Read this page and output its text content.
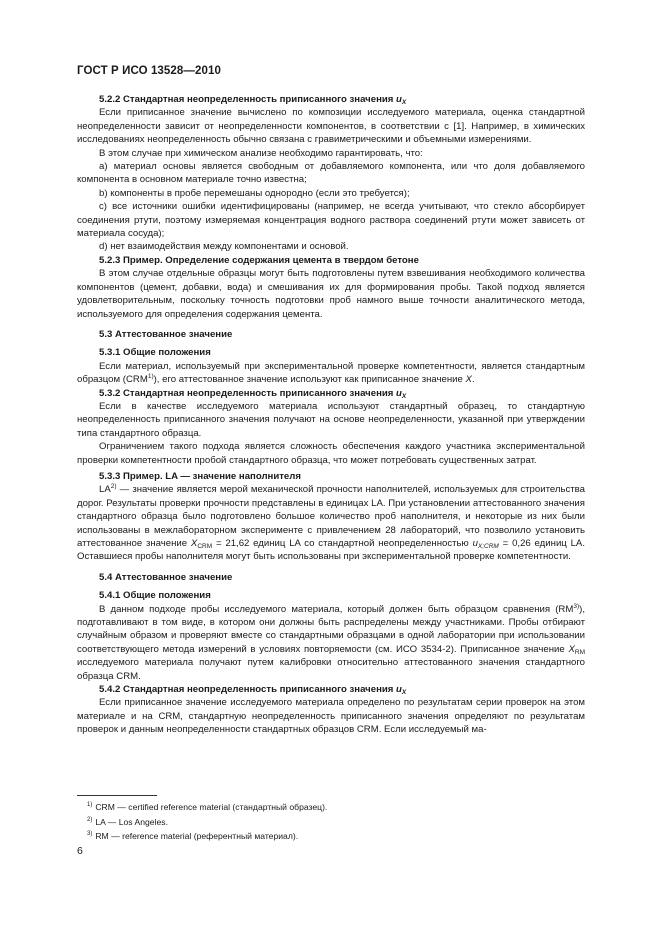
ГОСТ Р ИСО 13528—2010

5.2.2 Стандартная неопределенность приписанного значения $u_X$

Если приписанное значение вычислено по композиции исследуемого материала, оценка стандартной неопределенности зависит от неопределенности компонентов, в соответствии с [1]. Например, в химических исследованиях неопределенность обычно связана с гравиметрическими и объемными измерениями.

В этом случае при химическом анализе необходимо гарантировать, что:

a) материал основы является свободным от добавляемого компонента, или что доля добавляемого компонента в основном материале точно известна;

b) компоненты в пробе перемешаны однородно (если это требуется);

c) все источники ошибки идентифицированы (например, не всегда учитывают, что стекло абсорбирует соединения ртути, поэтому измеряемая концентрация водного раствора соединений ртути может зависеть от материала сосуда);

d) нет взаимодействия между компонентами и основой.

5.2.3 Пример. Определение содержания цемента в твердом бетоне

В этом случае отдельные образцы могут быть подготовлены путем взвешивания необходимого количества компонентов (цемент, добавки, вода) и смешивания их для формирования пробы. Такой подход является удовлетворительным, поскольку точность подготовки проб намного выше точности аналитического метода, используемого для определения содержания цемента.

5.3 Аттестованное значение

5.3.1 Общие положения

Если материал, используемый при экспериментальной проверке компетентности, является стандартным образцом (CRM$^{1)}$), его аттестованное значение используют как приписанное значение X.

5.3.2 Стандартная неопределенность приписанного значения $u_X$

Если в качестве исследуемого материала используют стандартный образец, то стандартную неопределенность приписанного значения получают на основе неопределенности, указанной при утверждении типа стандартного образца.

Ограничением такого подхода является сложность обеспечения каждого участника экспериментальной проверки компетентности пробой стандартного образца, что может потребовать существенных затрат.

5.3.3 Пример. LA — значение наполнителя

LA$^{2)}$ — значение является мерой механической прочности наполнителей, используемых для строительства дорог. Результаты проверки прочности представлены в единицах LA. При установлении аттестованного значения стандартного образца было подготовлено большое количество проб наполнителя, и некоторые из них были использованы в межлабораторном эксперименте с привлечением 28 лабораторий, что позволило установить аттестованное значение $X_{CRM} = 21,62$ единиц LA со стандартной неопределенностью $u_{X;CRM} = 0,26$ единиц LA. Оставшиеся пробы наполнителя могут быть использованы при экспериментальной проверке компетентности.

5.4 Аттестованное значение

5.4.1 Общие положения

В данном подходе пробы исследуемого материала, который должен быть образцом сравнения (RM$^{3)}$), подготавливают в том виде, в котором они должны быть распределены между участниками. Пробы отбирают случайным образом и проверяют вместе со стандартными образцами в одной лаборатории при использовании соответствующего метода измерений в условиях повторяемости (см. ИСО 3534-2). Приписанное значение $X_{RM}$ исследуемого материала получают путем калибровки относительно аттестованного значения стандартного образца CRM.

5.4.2 Стандартная неопределенность приписанного значения $u_X$

Если приписанное значение исследуемого материала определено по результатам серии проверок на этом материале и на CRM, стандартную неопределенность приписанного значения определяют по результатам проверок и данным неопределенности стандартных образцов CRM. Если исследуемый ма-

$^{1)}$ CRM — certified reference material (стандартный образец).
$^{2)}$ LA — Los Angeles.
$^{3)}$ RM — reference material (референтный материал).
6
